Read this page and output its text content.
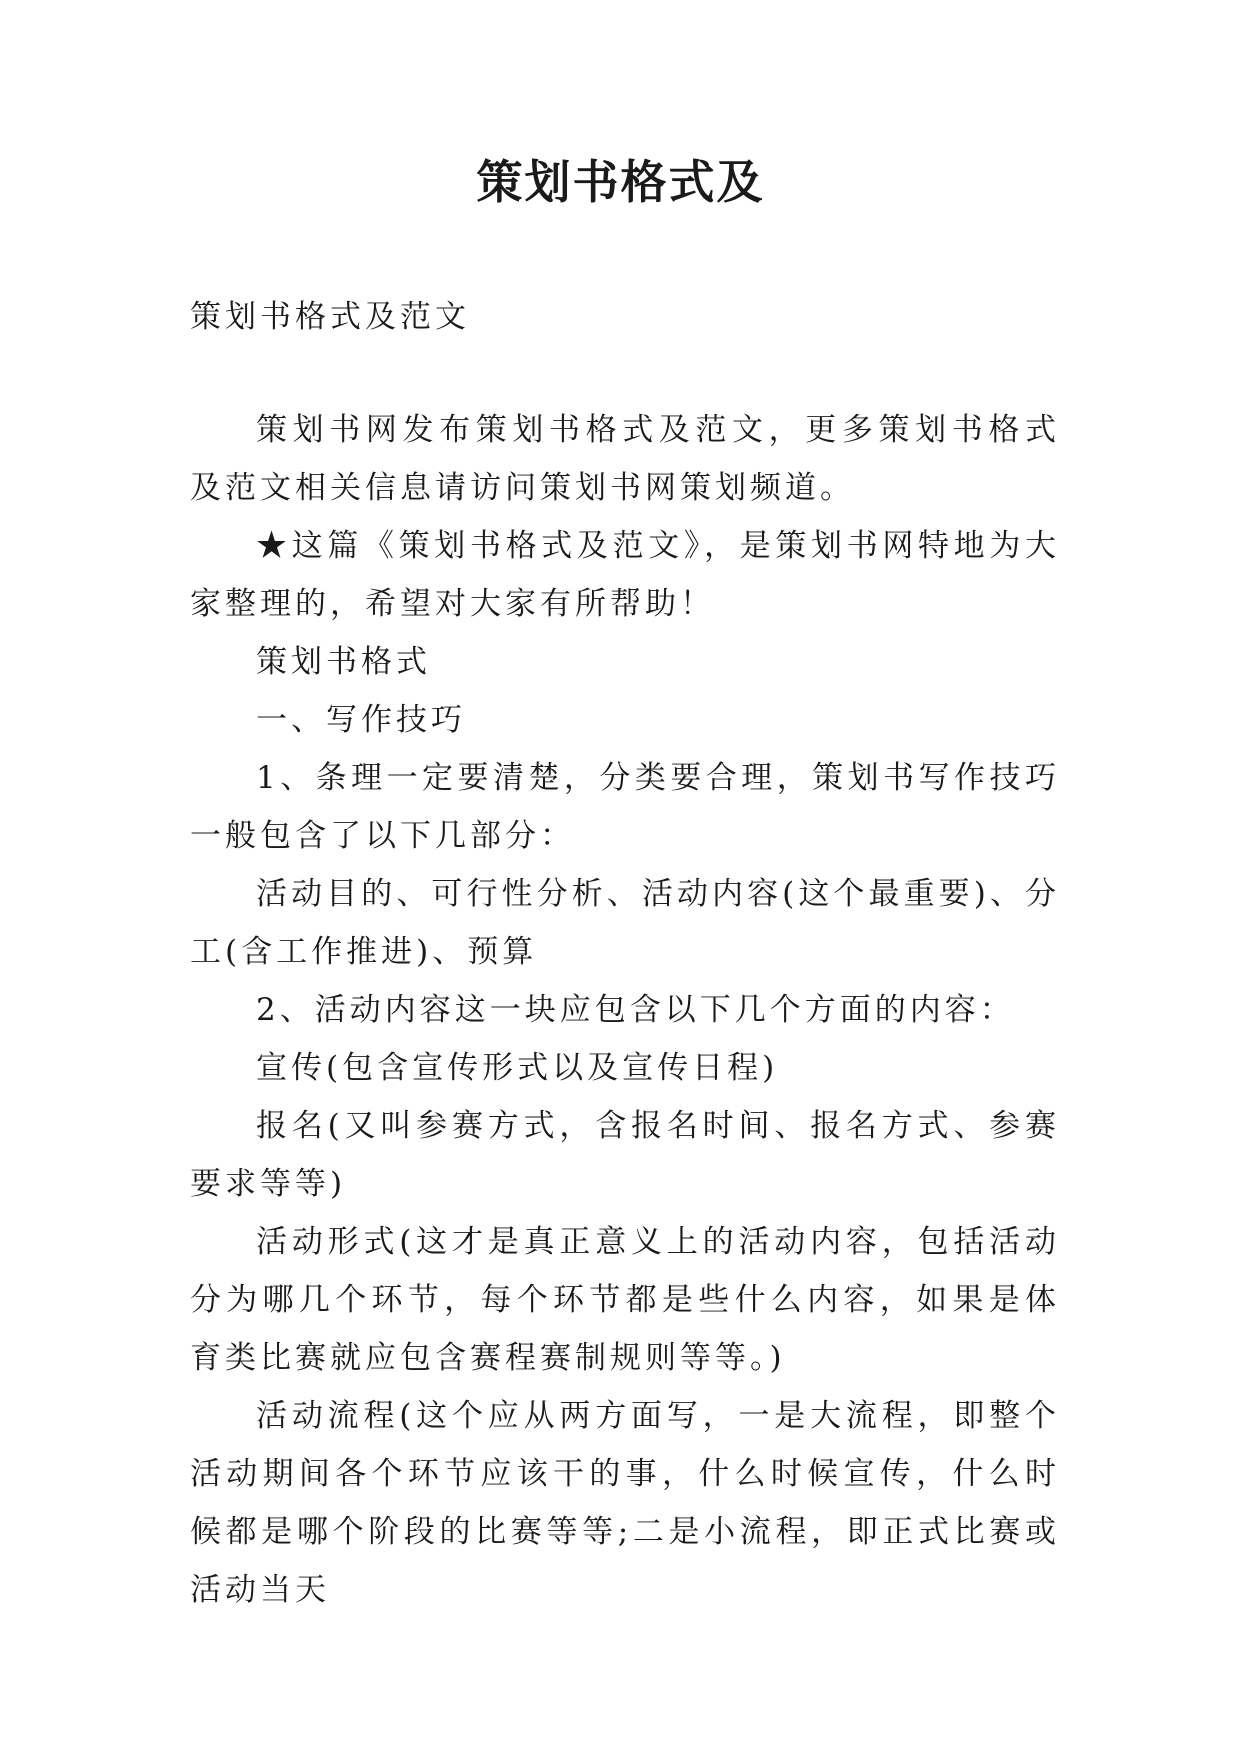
策划书格式及

策划书格式及范文

策划书网发布策划书格式及范文，更多策划书格式及范文相关信息请访问策划书网策划频道。

★这篇《策划书格式及范文》，是策划书网特地为大家整理的，希望对大家有所帮助！

策划书格式

一、写作技巧

1、条理一定要清楚，分类要合理，策划书写作技巧一般包含了以下几部分：

活动目的、可行性分析、活动内容(这个最重要)、分工(含工作推进)、预算

2、活动内容这一块应包含以下几个方面的内容：

宣传(包含宣传形式以及宣传日程)

报名(又叫参赛方式，含报名时间、报名方式、参赛要求等等)

活动形式(这才是真正意义上的活动内容，包括活动分为哪几个环节，每个环节都是些什么内容，如果是体育类比赛就应包含赛程赛制规则等等。)

活动流程(这个应从两方面写，一是大流程，即整个活动期间各个环节应该干的事，什么时候宣传，什么时候都是哪个阶段的比赛等等;二是小流程，即正式比赛或活动当天
